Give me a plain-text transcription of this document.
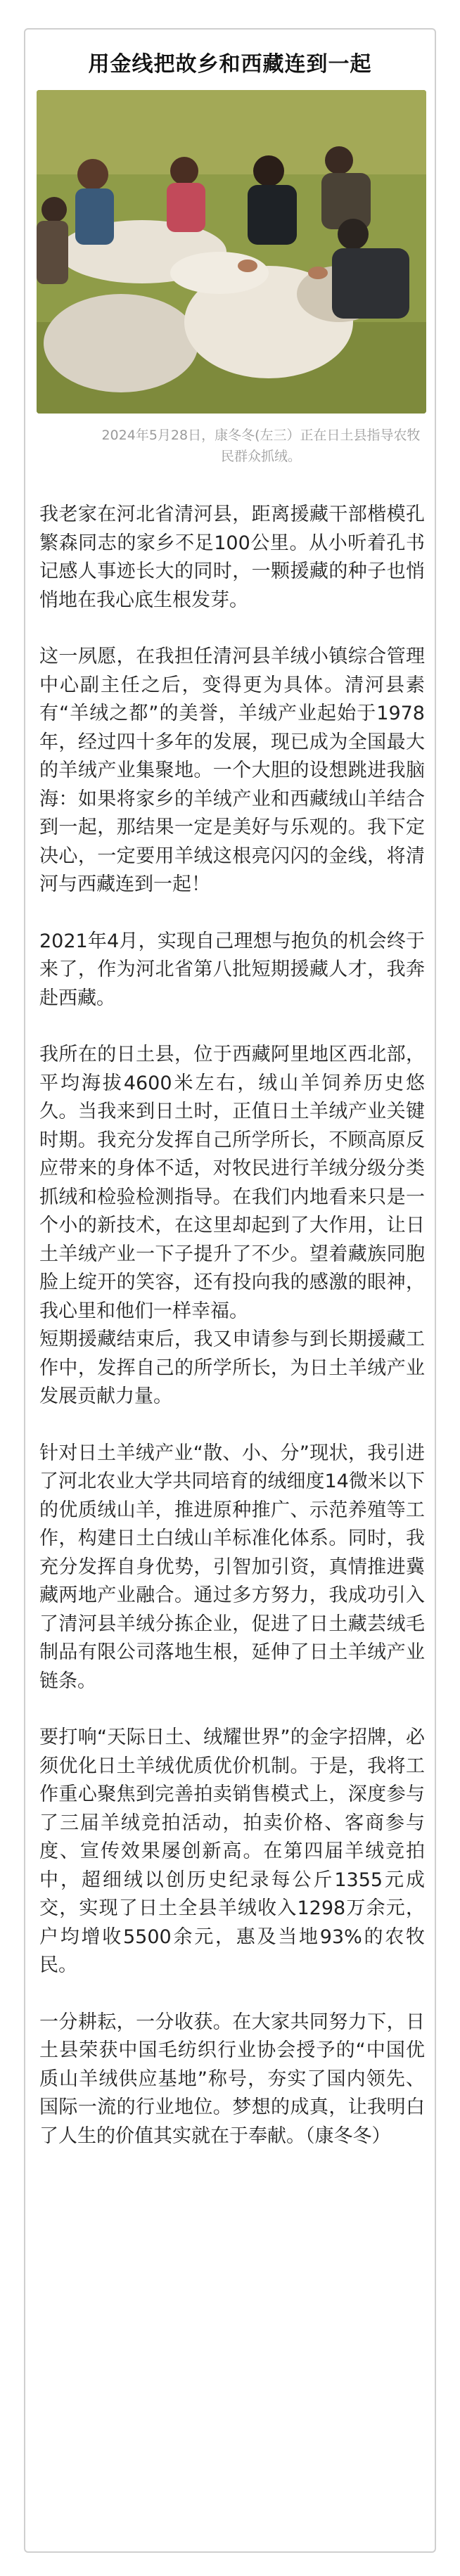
用金线把故乡和西藏连到一起

2024年5月28日，康冬冬(左三）正在日土县指导农牧民群众抓绒。

我老家在河北省清河县，距离援藏干部楷模孔繁森同志的家乡不足100公里。从小听着孔书记感人事迹长大的同时，一颗援藏的种子也悄悄地在我心底生根发芽。

这一夙愿，在我担任清河县羊绒小镇综合管理中心副主任之后，变得更为具体。清河县素有“羊绒之都”的美誉，羊绒产业起始于1978年，经过四十多年的发展，现已成为全国最大的羊绒产业集聚地。一个大胆的设想跳进我脑海：如果将家乡的羊绒产业和西藏绒山羊结合到一起，那结果一定是美好与乐观的。我下定决心，一定要用羊绒这根亮闪闪的金线，将清河与西藏连到一起！

2021年4月，实现自己理想与抱负的机会终于来了，作为河北省第八批短期援藏人才，我奔赴西藏。

我所在的日土县，位于西藏阿里地区西北部，平均海拔4600米左右，绒山羊饲养历史悠久。当我来到日土时，正值日土羊绒产业关键时期。我充分发挥自己所学所长，不顾高原反应带来的身体不适，对牧民进行羊绒分级分类抓绒和检验检测指导。在我们内地看来只是一个小的新技术，在这里却起到了大作用，让日土羊绒产业一下子提升了不少。望着藏族同胞脸上绽开的笑容，还有投向我的感激的眼神，我心里和他们一样幸福。
短期援藏结束后，我又申请参与到长期援藏工作中，发挥自己的所学所长，为日土羊绒产业发展贡献力量。

针对日土羊绒产业“散、小、分”现状，我引进了河北农业大学共同培育的绒细度14微米以下的优质绒山羊，推进原种推广、示范养殖等工作，构建日土白绒山羊标准化体系。同时，我充分发挥自身优势，引智加引资，真情推进冀藏两地产业融合。通过多方努力，我成功引入了清河县羊绒分拣企业，促进了日土藏芸绒毛制品有限公司落地生根，延伸了日土羊绒产业链条。

要打响“天际日土、绒耀世界”的金字招牌，必须优化日土羊绒优质优价机制。于是，我将工作重心聚焦到完善拍卖销售模式上，深度参与了三届羊绒竞拍活动，拍卖价格、客商参与度、宣传效果屡创新高。在第四届羊绒竞拍中，超细绒以创历史纪录每公斤1355元成交，实现了日土全县羊绒收入1298万余元，户均增收5500余元，惠及当地93%的农牧民。

一分耕耘，一分收获。在大家共同努力下，日土县荣获中国毛纺织行业协会授予的“中国优质山羊绒供应基地”称号，夯实了国内领先、国际一流的行业地位。梦想的成真，让我明白了人生的价值其实就在于奉献。（康冬冬）
